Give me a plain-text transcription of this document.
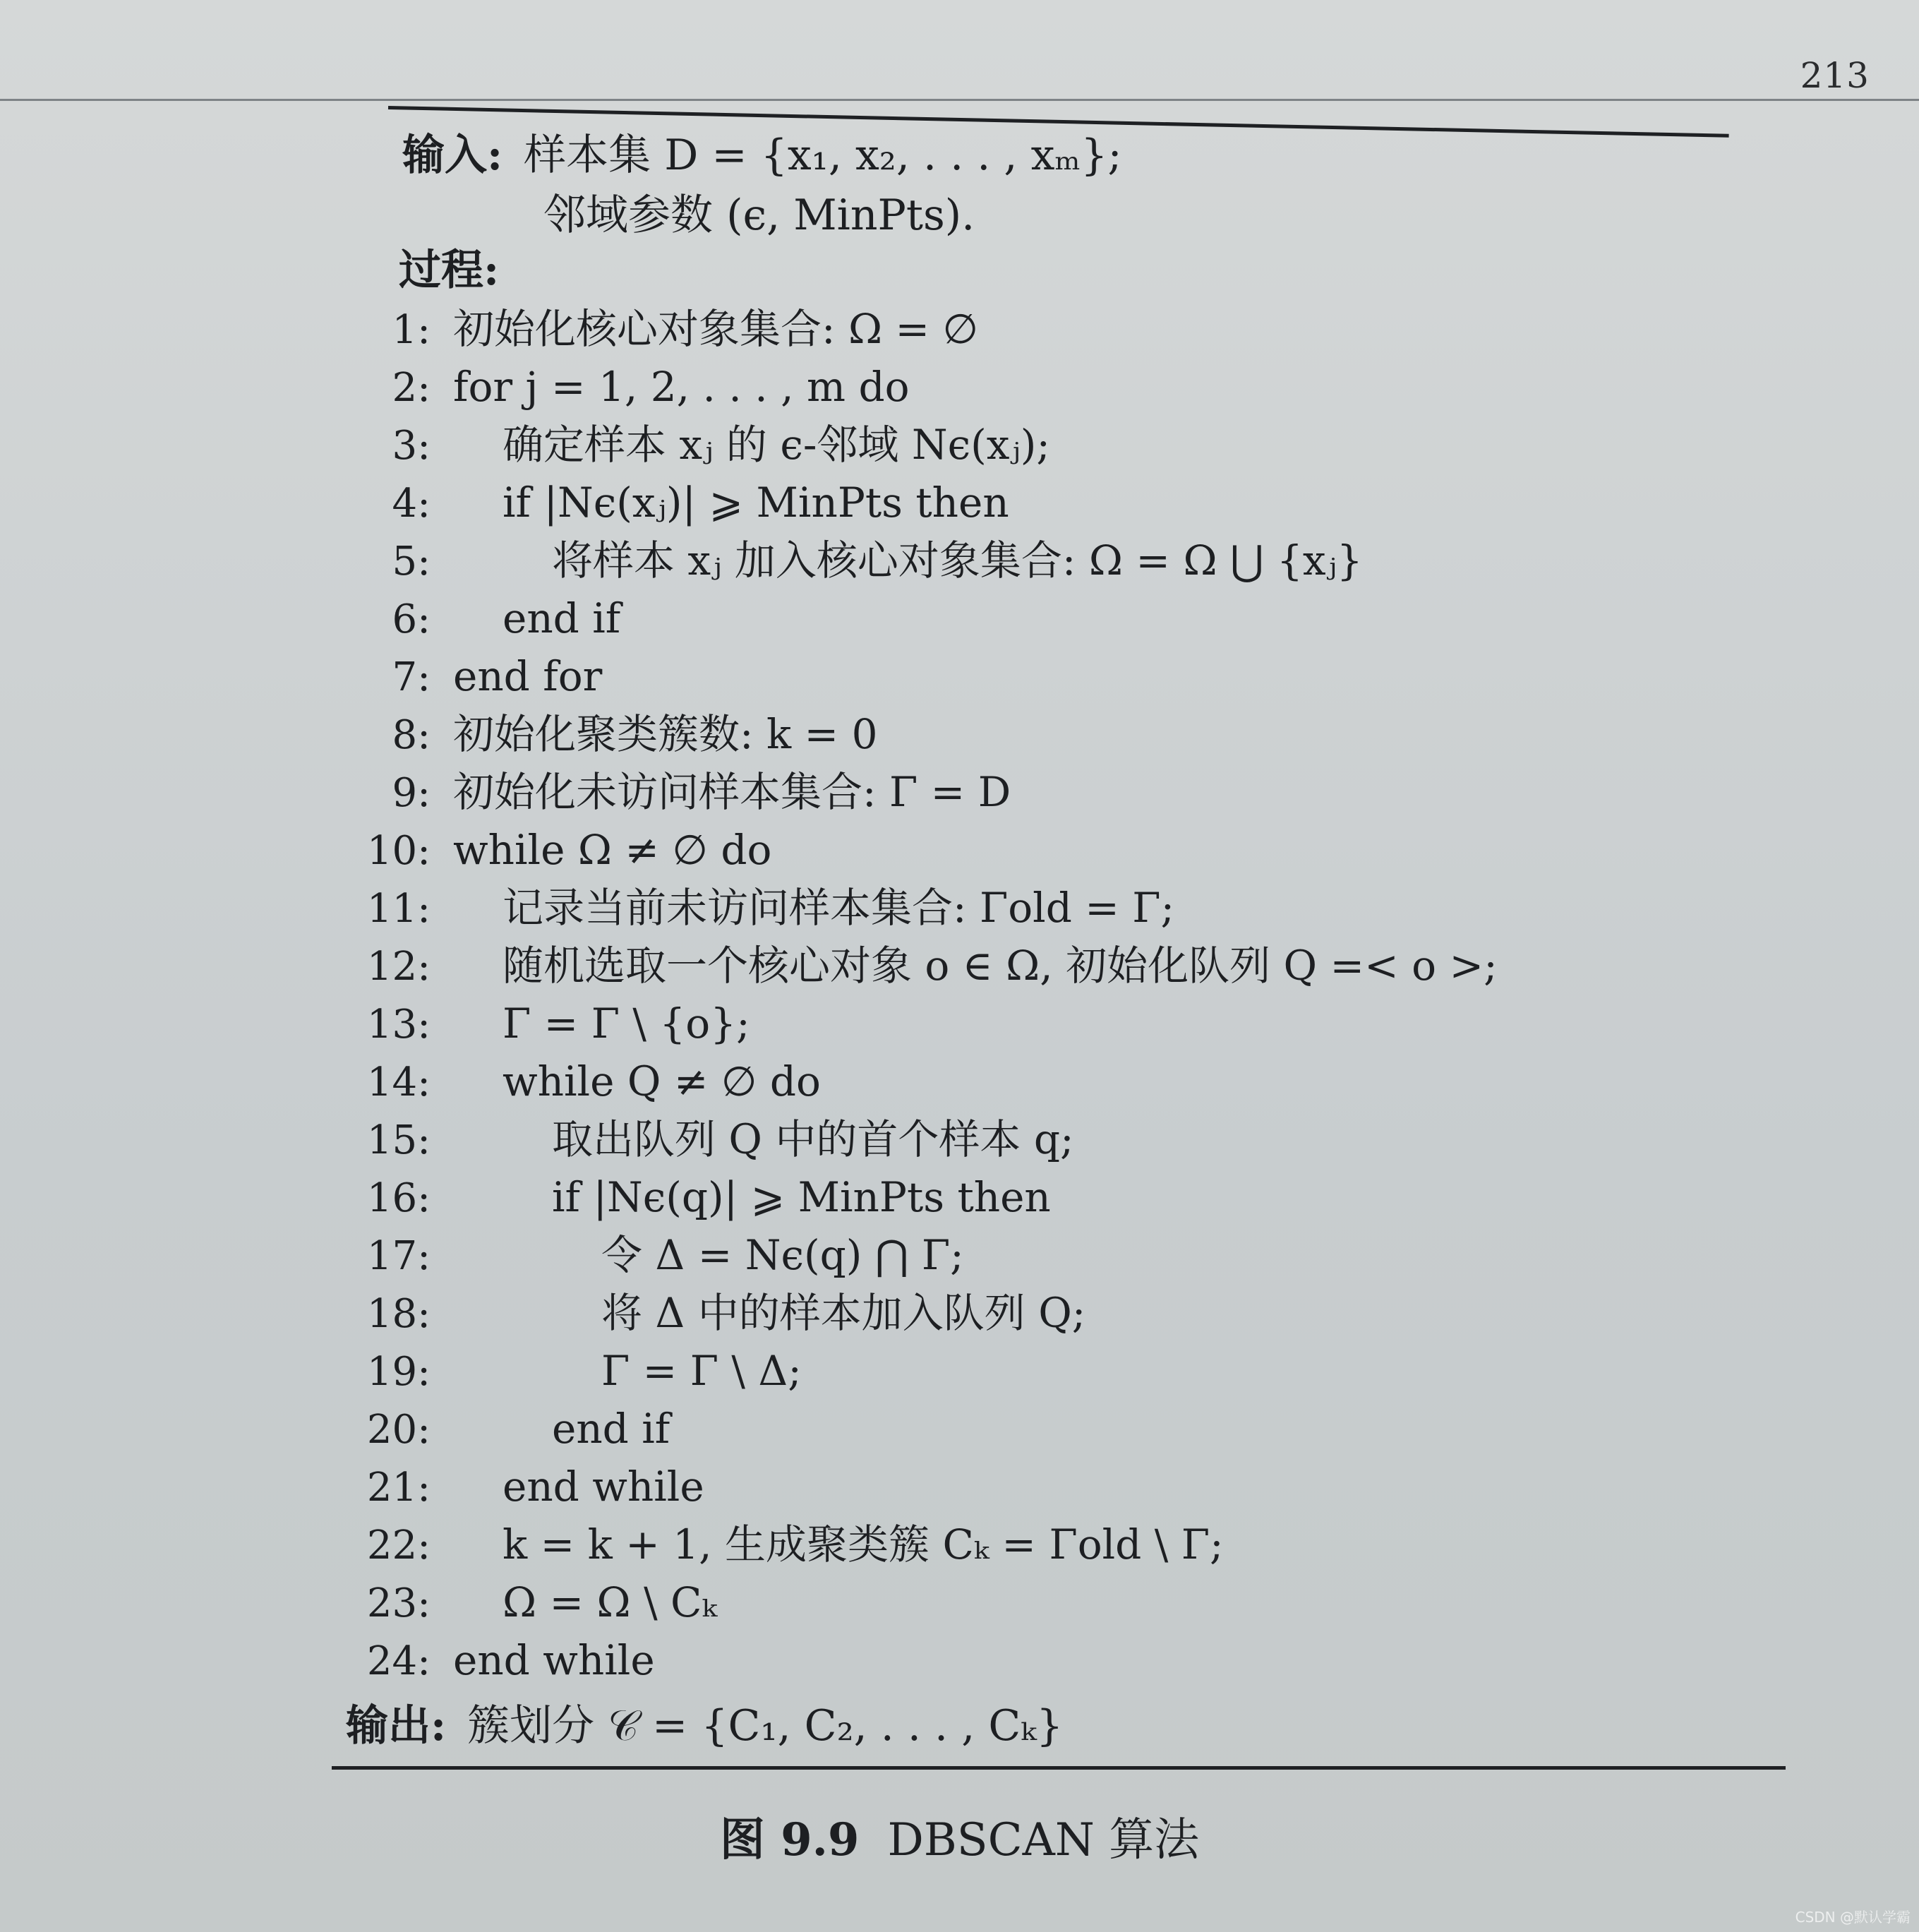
213
输入: 样本集 D = {x₁, x₂, . . . , xₘ};
邻域参数 (ϵ, MinPts).
过程:
1: 初始化核心对象集合: Ω = ∅
2: for j = 1, 2, . . . , m do
3:	确定样本 xⱼ 的 ϵ-邻域 Nϵ(xⱼ);
4:	if |Nϵ(xⱼ)| ⩾ MinPts then
5:	将样本 xⱼ 加入核心对象集合: Ω = Ω ⋃ {xⱼ}
6:	end if
7: end for
8: 初始化聚类簇数: k = 0
9: 初始化未访问样本集合: Γ = D
10: while Ω ≠ ∅ do
11:	记录当前未访问样本集合: Γold = Γ;
12:	随机选取一个核心对象 o ∈ Ω, 初始化队列 Q =< o >;
13:	Γ = Γ \ {o};
14:	while Q ≠ ∅ do
15:	取出队列 Q 中的首个样本 q;
16:	if |Nϵ(q)| ⩾ MinPts then
17:	令 Δ = Nϵ(q) ⋂ Γ;
18:	将 Δ 中的样本加入队列 Q;
19:	Γ = Γ \ Δ;
20:	end if
21:	end while
22:	k = k + 1, 生成聚类簇 Cₖ = Γold \ Γ;
23:	Ω = Ω \ Cₖ
24: end while
输出: 簇划分 𝒞 = {C₁, C₂, . . . , Cₖ}
图 9.9 DBSCAN 算法
CSDN @默认学霸
